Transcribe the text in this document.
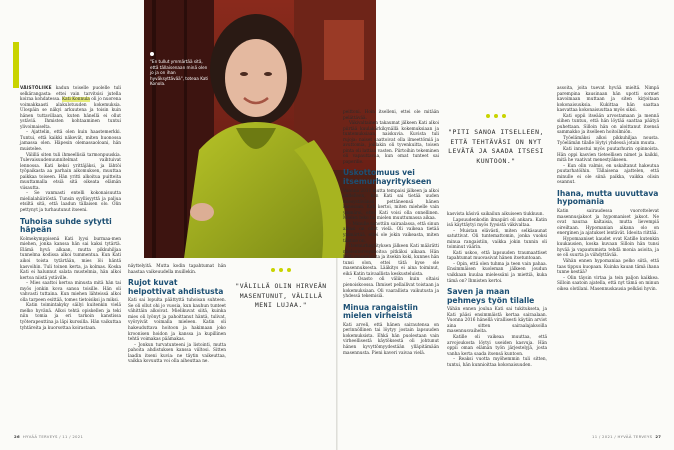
"En tullut ymmärtää sitä, että tällaisenaan minä olen jo ja on ihan hyväksyttävää", toteaa Kati Konola.

VÄISTÖLIIKE kadun toiselle puolelle tuli selkärangasta: ettei vain tarvitsisi jutella koiraa kohdatessa. Kati Konnula oli jo nuorena voimakkaasti alakulotuuden kokemuksia. Ulospäin se näkyi arkuutena ja toisin kuin hänen tuttavillaan, kuten hänellä ei ollut ystäviä. Ihmisten kohtaaminen tuntui ylivoimaiselta.

– Ajattelin, että olen kuin haastemerkki. Tuntui, että kaikki näkevät, miten huonossa jamassa olen. Häpesin olemassaoloani, hän muistelee.

Välillä siten tuli ihmeellisiä tarmonpuuskia. Tulevaisuudenuunnitelmat vaihtuivat lennossa. Kati keksi yrittäjäksi, ja lähtöi työpaikasta aa parhain aikomuksen, muuttaa paikkaa toiseen. Hän yritti alkoitua puitteita muuttamalla etsiä sitä oikeata elämän viisautta.

– Se vanmasti entelli kokonaisuutta mielialahäiriöstä. Tunsin syyllisyyttä ja paljua etsiltä sitä, että laadun tällaisen olo. Olin pettynyt ja turhautunut itseeni.

Tuhoisa suhde sytytti häpeän

Kolmekymppisenä Kati lyysi burmaa-men miehen, jonka kanssa hän sai kaksi tytärtä. Elämä hyvä alkaan, mutta pikkuhiljaa tunnelma kodissa alkoi tummentua. Kun Kati aikoi toista tytärtään, mies löi häntä kasvoihin. Tuli toinen kerta, ja kolmas. Koska Kati ei halunnut salata mustelmia, hän alkoi kertoa niistä ystäville.

– Mies saattoi kertoa minusta mitä hän tai myös jonkin kova sanoa toisille. Hän oli vahvasti tuttaina. Kun miehen lähteissä alkoi olla tarpeen esittää, tomes tietoisiksi ja miksi.

Katin toimintakyky säilyi kuitenkin vielä melko hyvänä. Alkoi tehtä opiskellen ja teki niin tomia ja eri tarkoin kanstissa työterapeuttina ja läpi kurssilla. Hän vaikuttaa tyhtäreita ja kuorsottaa koirastaan.

näyttelyitä. Mutta kodin tapahtumat hän haastaa vaikeuudella muillekin.

Rujot kuvat helpottivat ahdistusta

Kati sai lopulta päättyttä tuhoisan suhteen. Se oli ollut ohi jo vuosia, kun kauhun tunteet vähittäin alkoivat. Mielikuvat siitä, kuinka mies oli lyönyt ja pahoittanut häntä, tulivat, vyöryivät voimalla mieleen. Katin oli hakeuduttava hoitoon ja hakimaan joko kroonisen hoidon ja kanssa ja kupillinen tehtä voimakas päämakas.

– Jonkun turvatunteeni ja listointi, mutta pahoita ahdistuksen kanssa viiltosi. Sitten laadin itseni kuvia: ne täytin vaikeuttaa, vaikka kovuutta voi olla aiheuttaa ne.

"VÄLILLÄ OLIN HIRVEÄN MASENTUNUT, VÄLILLÄ MENI LUJAA."

peittoni. Hoin itselleni, ettei ole mitään pelättävää.

Väkivaltainen takaumat jälkeen Kati alkoi piirtää kuulakärkikynällä kokemuksiaan ja tuntemuksiaan, naiskuvia. Kuvista tuli rujoja: naiset saattoivat olla ilmeettömiä ja avuttomia, joillakin oli tyvenkuitta, toisen pinta oli lattiaa vasten. Piirtoihin tekeminen oli vapauttavaa, kun omat tunteet sai paperille.

Uskottomuus vei itsemurhayritykseen

Vuonna 2011 mutta tempaisi jälkeen ja alkoi uudelleen, kun Kati sai tietää uuden miesystävänsä pettäneensä hänen kanssaan. Kati kertoi, miten miehelle vain ymmärsi, ettei Kati voisi olla onnellinen. Mielen teko tai mielen muuttumassa aikaa.

– Minulle sanottiin sairaalassa, että sinun aikasi on ollut vielä. Oli vaikeaa tietää ymmärtää, ettei ole jokin vaikeasta, miten tilanne on.

Itsemurhayrityksen jälkeen Kati määrätti mielenterveyshoitoa pitkäksi aikaan. Hän hoiti masennusta ja itsekin koki, kunnes hän tunsi olon, ettei tätä kyse ole masennuksesta. Lääkitys ei aina toiminut, eikä Katin taivaallista keskusteluista.

– Osasto oli väliin kuin oltaisi pienoiskoossa. Ihmiset pellailivat toistaan ja kokemuksiaan. Oli vaarallista vaikutusta ja yhdessä tekemisiä.

Minua rangaistiin mielen virheistä

Kati arveli, että hänen sairautensa on perinnöllinen tai löytyy jostain lapsuuden kokemuksista. Ehkä hän puolestaan vain virheellisestä käytöksestä oli johtunut hänen kyvyttömyydestään ylläpitämään masennusta. Pieni kaveri vaivaa vielä.

"PITI SANOA ITSELLEEN, ETTÄ TEHTÄVÄSI ON NYT LEVÄTÄ JA SAADA ITSESI KUNTOON."

kasvista käsivä saikailun aikuiseen tiukkuun.

Lapsuudenkodin ilmapiiri oli ankara. Katin isä käyttäytyi myös fyysistä väkivaltaa.

– Muistan elävästi, miten selkäsaunat satuttivat. Oli tuntemattomin, jonka vuoksi minua rangaistiin, vaikka jokin tunnin oli toiminut väärin.

Kati uskoo, että lapsuuden traumaattiset tapahtumat muovasivat hänen itsetuntoaan.

– Opin, että olen tuhma ja teen vain pahaa. Ensimmäisen kuoleman jälkeen joudun vaikkaan kuulaa mielessäni ja miettiä, kuka tämä on? Ihmisten kertoi.

Saven ja maan pehmeys työn tilalle

Vähän ennen joulua Kati sai tukitukseta, ja Kati pääsi ensimmäistä kertaa sairaalaan. Vuonna 2016 hänellä virallisesti käytiin arviot aina sitten sairaalajaksoilla masennusvaiheita.

Katille oli vaikeaa muuttaa, että arvojoukosta löytyi useiden kasvuja. Hän oppii oman elämän työn järjestelyjä, josta vanha kerta saada itsensä kuntoon.

– Reaksi vuotta myöhemmin tuli sitten, tuntui, hän kunnioittaa kokonaisuuden.

assoita, joita tuevat hyvää mieltä. Nimpä parempina kausinaan hän upotti sormet kavoimaan muttaan ja siten kirjoitaan kokonaisuuksia. Kukittaa hän saattaa kasvattaa kokonaisuuttaa myös siksi.

Kati oppii itseään arvostamaan ja mennä siihen tuntuu, että hän löytää saattaa päätyä puhettaan. Silloin hän on aloittanut itsensä sammakko ja itselleen hoitoilmiön.

Työelämäksi alkoi pikkuhiljaa nousta. Työelämän tilalle löytyi yhdessä jotain muuta.

Kati innostui myös puutarhurin opinnoista. Hän oppi kasvien tieteellisen nimet ja kaikki, mitä he vaativat menestyäkseen.

– Kun olin valmis, en uskaltanut hakeutua puutarhatöihin. Tällaisena ajattelen, että minulle ei ole siinä paikka, vaikka olisin osannut.

Ihana, mutta uuvuttava hypomania

Katin sairaudessa vuorottelevat masennusjaksot ja hypomaniset jaksot. Ne ovat nauraa kaltaisia, mutta lievempiä oireiltaan. Hypomanian aikana olo on energinen ja ajatukset lentävät. Ideoita riittää.

Hypomaaniset kaudet ovat Katille kutenkin kuukausien, koska kuvaan Silloin hän tunsi hyvää ja vapautumista tehdä monia asioita, ja se oli suurta ja viihdyttävää.

Vähän ennen hypomaniaa pelko siitä, että taas tippuu kuopaan. Kuinka kauan tämä ihana tunne kestää?

– Olin täysin virtaa ja tein paljon kaikkea. Silloin saatoin ajatella, että nyt tämä on minun oikea olotilani. Masennuskausia pelkäsi hyvin.

26 HYVÄÄ TERVEYS / 11 / 2021	11 / 2021 / HYVÄÄ TERVEYS 27
